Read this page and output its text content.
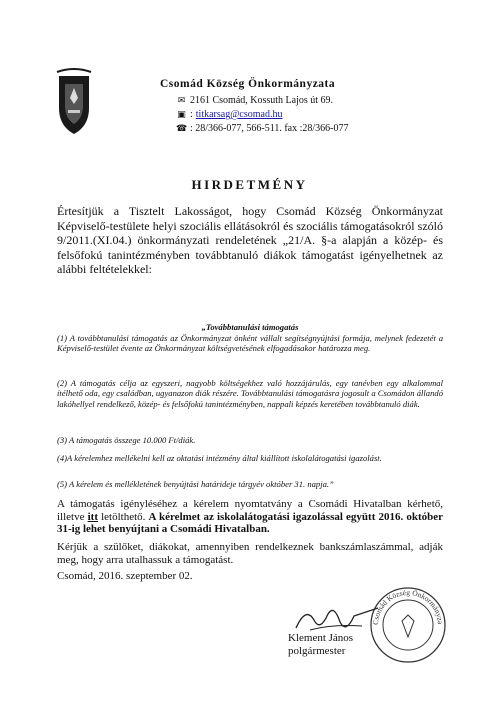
Csomád Község Önkormányzata
✉ 2161 Csomád, Kossuth Lajos út 69.
▣ : titkarsag@csomad.hu
☎ : 28/366-077, 566-511. fax :28/366-077
HIRDETMÉNY
Értesítjük a Tisztelt Lakosságot, hogy Csomád Község Önkormányzat Képviselő-testülete helyi szociális ellátásokról és szociális támogatásokról szóló 9/2011.(XI.04.) önkormányzati rendeletének „21/A. §-a alapján a közép- és felsőfokú tanintézményben továbbtanuló diákok támogatást igényelhetnek az alábbi feltételekkel:
„Továbbtanulási támogatás
(1) A továbbtanulási támogatás az Önkormányzat önként vállalt segítségnyújtási formája, melynek fedezetét a Képviselő-testület évente az Önkormányzat költségvetésének elfogadásakor határozza meg.
(2) A támogatás célja az egyszeri, nagyobb költségekhez való hozzájárulás, egy tanévben egy alkalommal ítélhető oda, egy családban, ugyanazon diák részére. Továbbtanulási támogatásra jogosult a Csomádon állandó lakóhellyel rendelkező, közép- és felsőfokú tanintézményben, nappali képzés keretében továbbtanuló diák.
(3) A támogatás összege 10.000 Ft/diák.
(4)A kérelemhez mellékelni kell az oktatási intézmény által kiállított iskolalátogatási igazolást.
(5) A kérelem és mellékletének benyújtási határideje tárgyév október 31. napja.”
A támogatás igényléséhez a kérelem nyomtatvány a Csomádi Hivatalban kérhető, illetve itt letölthető. A kérelmet az iskolalátogatási igazolással együtt 2016. október 31-ig lehet benyújtani a Csomádi Hivatalban.
Kérjük a szülőket, diákokat, amennyiben rendelkeznek bankszámlaszámmal, adják meg, hogy arra utalhassuk a támogatást.
Csomád, 2016. szeptember 02.
Csomád Község Önkormányza
Klement János
polgármester
